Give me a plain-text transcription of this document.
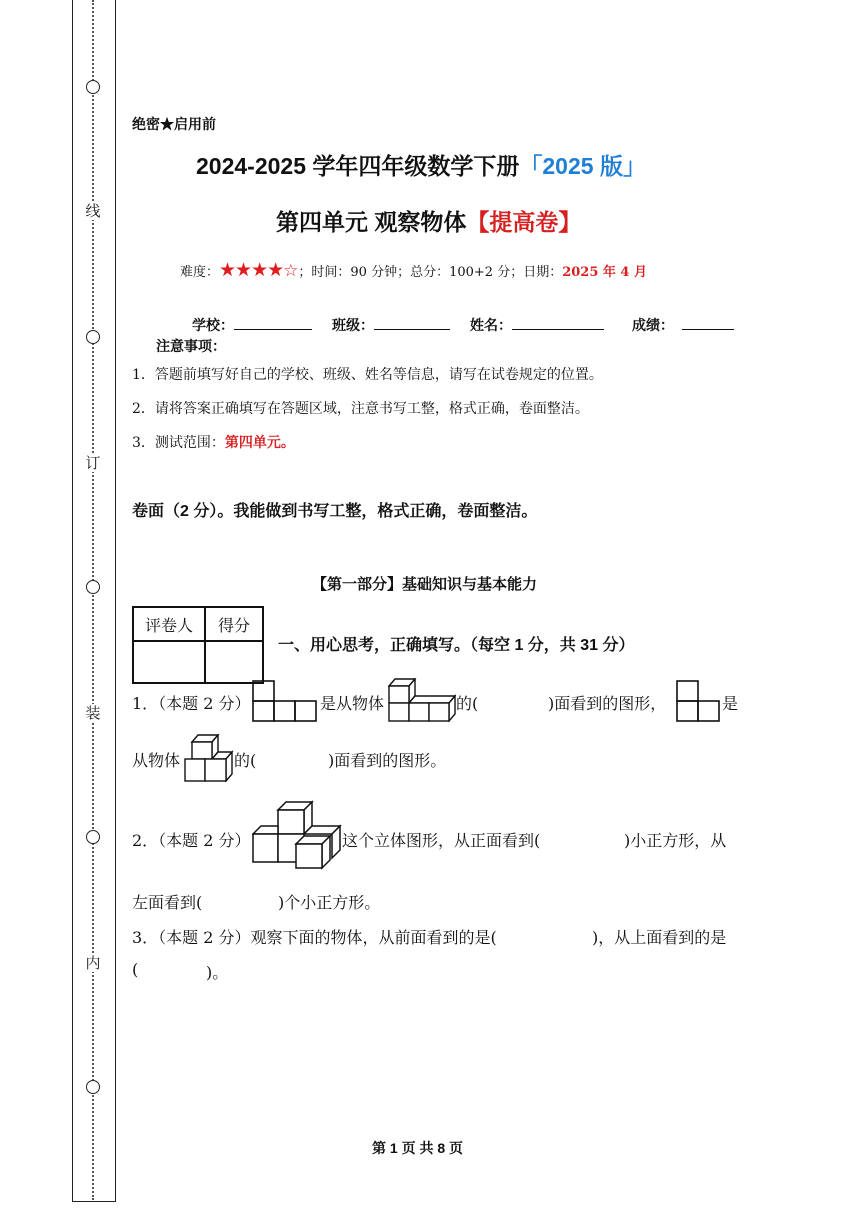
线
订
装
内
绝密★启用前
2024-2025 学年四年级数学下册「2025 版」
第四单元 观察物体【提高卷】
难度：★★★★☆；时间：90 分钟；总分：100+2 分；日期：2025 年 4 月
学校：	班级：	姓名：	成绩：
注意事项：
1．答题前填写好自己的学校、班级、姓名等信息，请写在试卷规定的位置。
2．请将答案正确填写在答题区域，注意书写工整，格式正确，卷面整洁。
3．测试范围：第四单元。
卷面（2 分）。我能做到书写工整，格式正确，卷面整洁。
【第一部分】基础知识与基本能力
评卷人	得分

一、用心思考，正确填写。（每空 1 分，共 31 分）
1．（本题 2 分）	是从物体	的(	)面看到的图形，	是
从物体	的(	)面看到的图形。
2．（本题 2 分）	这个立体图形，从正面看到(	)小正方形，从
左面看到(	)个小正方形。
3．（本题 2 分）观察下面的物体，从前面看到的是(	)，从上面看到的是
(	)。
第 1 页 共 8 页
